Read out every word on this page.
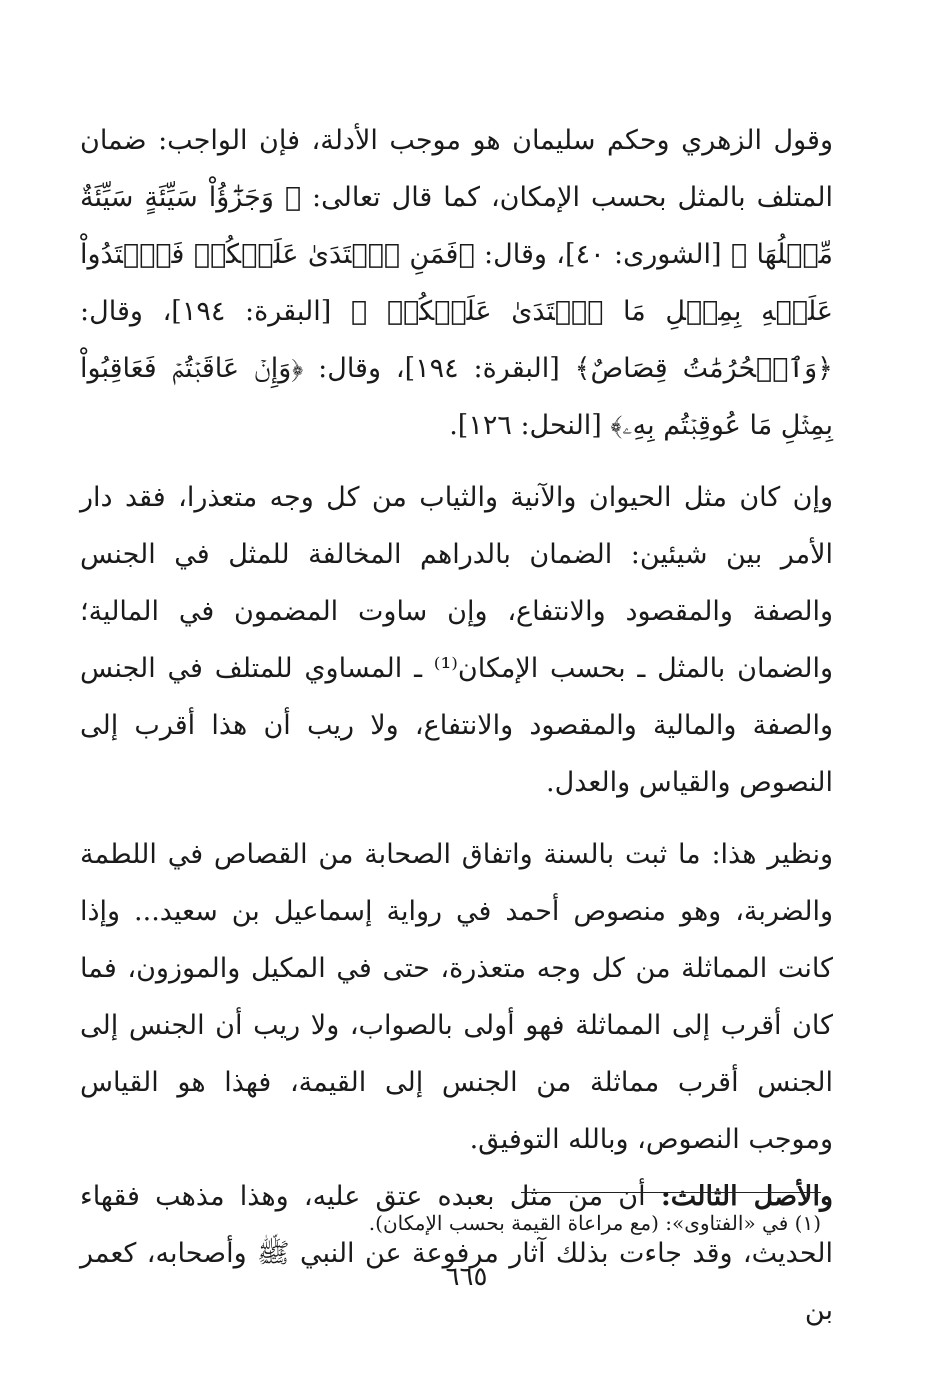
وقول الزهري وحكم سليمان هو موجب الأدلة، فإن الواجب: ضمان المتلف بالمثل بحسب الإمكان، كما قال تعالى: ﴿ وَجَزَٰٓؤُاْ سَيِّئَةٍ سَيِّئَةٌ مِّثۡلُهَا ﴾ [الشورى: ٤٠]، وقال: ﴿فَمَنِ ٱعۡتَدَىٰ عَلَيۡكُمۡ فَٱعۡتَدُواْ عَلَيۡهِ بِمِثۡلِ مَا ٱعۡتَدَىٰ عَلَيۡكُمۡ ﴾ [البقرة: ١٩٤]، وقال: ﴿وَٱلۡحُرُمَٰتُ قِصَاصٌ﴾ [البقرة: ١٩٤]، وقال: ﴿وَإِنۡ عَاقَبۡتُمۡ فَعَاقِبُواْ بِمِثۡلِ مَا عُوقِبۡتُم بِهِۦ﴾ [النحل: ١٢٦].

وإن كان مثل الحيوان والآنية والثياب من كل وجه متعذرا، فقد دار الأمر بين شيئين: الضمان بالدراهم المخالفة للمثل في الجنس والصفة والمقصود والانتفاع، وإن ساوت المضمون في المالية؛ والضمان بالمثل ـ بحسب الإمكان⁽¹⁾ ـ المساوي للمتلف في الجنس والصفة والمالية والمقصود والانتفاع، ولا ريب أن هذا أقرب إلى النصوص والقياس والعدل.

ونظير هذا: ما ثبت بالسنة واتفاق الصحابة من القصاص في اللطمة والضربة، وهو منصوص أحمد في رواية إسماعيل بن سعيد... وإذا كانت المماثلة من كل وجه متعذرة، حتى في المكيل والموزون، فما كان أقرب إلى المماثلة فهو أولى بالصواب، ولا ريب أن الجنس إلى الجنس أقرب مماثلة من الجنس إلى القيمة، فهذا هو القياس وموجب النصوص، وبالله التوفيق.

والأصل الثالث: أن من مثل بعبده عتق عليه، وهذا مذهب فقهاء الحديث، وقد جاءت بذلك آثار مرفوعة عن النبي ﷺ وأصحابه، كعمر بن

(١) في «الفتاوى»: (مع مراعاة القيمة بحسب الإمكان).
٦٦٥
